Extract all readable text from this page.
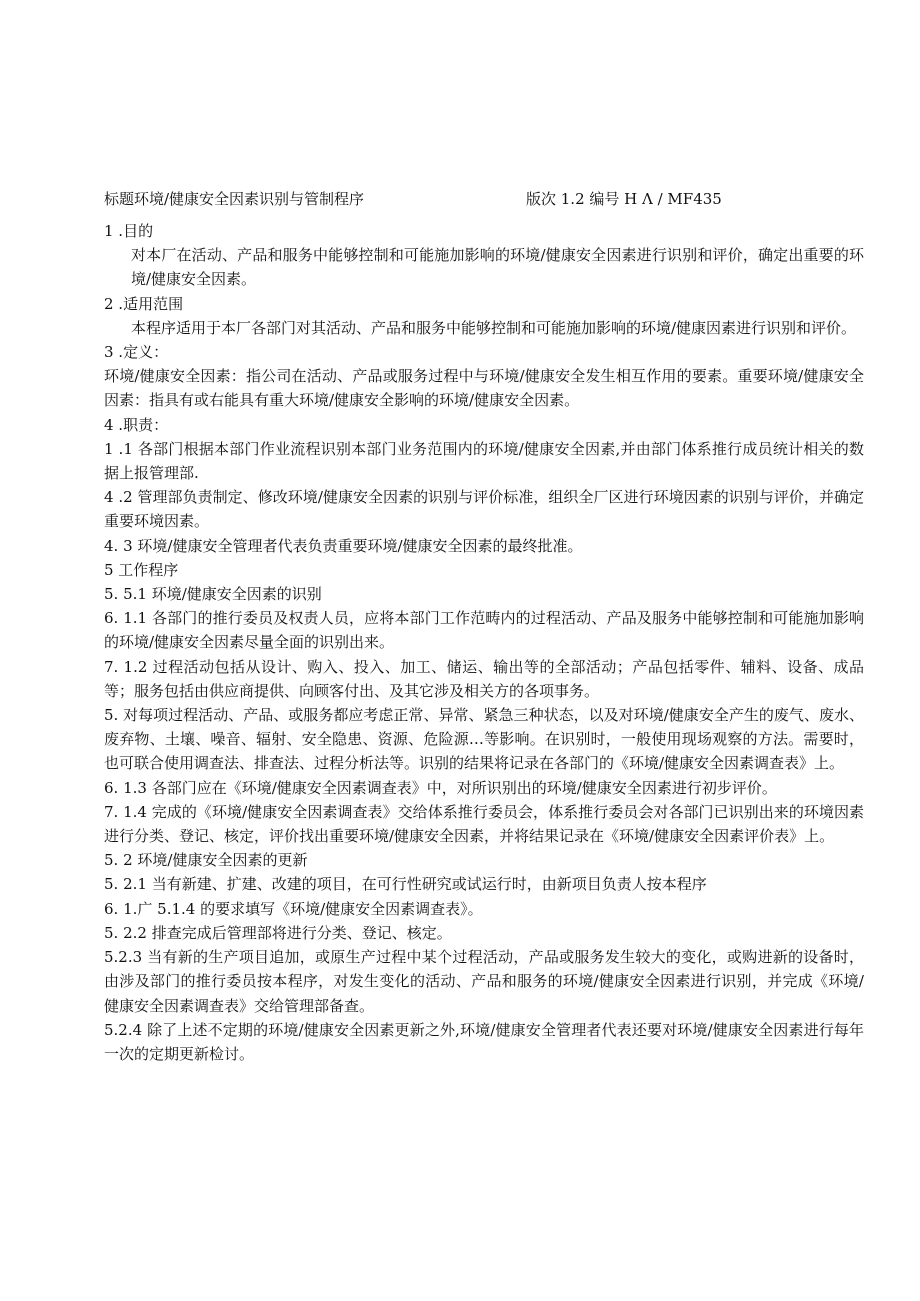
标题环境/健康安全因素识别与管制程序	版次 1.2 编号 H Λ / MF435

1 .目的

对本厂在活动、产品和服务中能够控制和可能施加影响的环境/健康安全因素进行识别和评价，确定出重要的环境/健康安全因素。

2 .适用范围

本程序适用于本厂各部门对其活动、产品和服务中能够控制和可能施加影响的环境/健康因素进行识别和评价。

3 .定义：

环境/健康安全因素：指公司在活动、产品或服务过程中与环境/健康安全发生相互作用的要素。重要环境/健康安全因素：指具有或右能具有重大环境/健康安全影响的环境/健康安全因素。

4 .职责：

1 .1 各部门根据本部门作业流程识别本部门业务范围内的环境/健康安全因素,并由部门体系推行成员统计相关的数据上报管理部.

4 .2 管理部负责制定、修改环境/健康安全因素的识别与评价标准，组织全厂区进行环境因素的识别与评价，并确定重要环境因素。

4. 3 环境/健康安全管理者代表负责重要环境/健康安全因素的最终批准。

5 工作程序

5. 5.1 环境/健康安全因素的识别

6. 1.1 各部门的推行委员及权责人员，应将本部门工作范畴内的过程活动、产品及服务中能够控制和可能施加影响的环境/健康安全因素尽量全面的识别出来。

7. 1.2 过程活动包括从设计、购入、投入、加工、储运、输出等的全部活动；产品包括零件、辅料、设备、成品等；服务包括由供应商提供、向顾客付出、及其它涉及相关方的各项事务。

5. 对每项过程活动、产品、或服务都应考虑正常、异常、紧急三种状态，以及对环境/健康安全产生的废气、废水、废弃物、土壤、噪音、辐射、安全隐患、资源、危险源…等影响。在识别时，一般使用现场观察的方法。需要时，也可联合使用调查法、排查法、过程分析法等。识别的结果将记录在各部门的《环境/健康安全因素调查表》上。

6. 1.3 各部门应在《环境/健康安全因素调查表》中，对所识别出的环境/健康安全因素进行初步评价。

7. 1.4 完成的《环境/健康安全因素调查表》交给体系推行委员会，体系推行委员会对各部门已识别出来的环境因素进行分类、登记、核定，评价找出重要环境/健康安全因素，并将结果记录在《环境/健康安全因素评价表》上。

5. 2 环境/健康安全因素的更新

5. 2.1 当有新建、扩建、改建的项目，在可行性研究或试运行时，由新项目负责人按本程序

6. 1.广 5.1.4 的要求填写《环境/健康安全因素调查表》。

5. 2.2 排查完成后管理部将进行分类、登记、核定。

5.2.3 当有新的生产项目追加，或原生产过程中某个过程活动，产品或服务发生较大的变化，或购进新的设备时，由涉及部门的推行委员按本程序，对发生变化的活动、产品和服务的环境/健康安全因素进行识别，并完成《环境/健康安全因素调查表》交给管理部备查。

5.2.4 除了上述不定期的环境/健康安全因素更新之外,环境/健康安全管理者代表还要对环境/健康安全因素进行每年一次的定期更新检讨。
